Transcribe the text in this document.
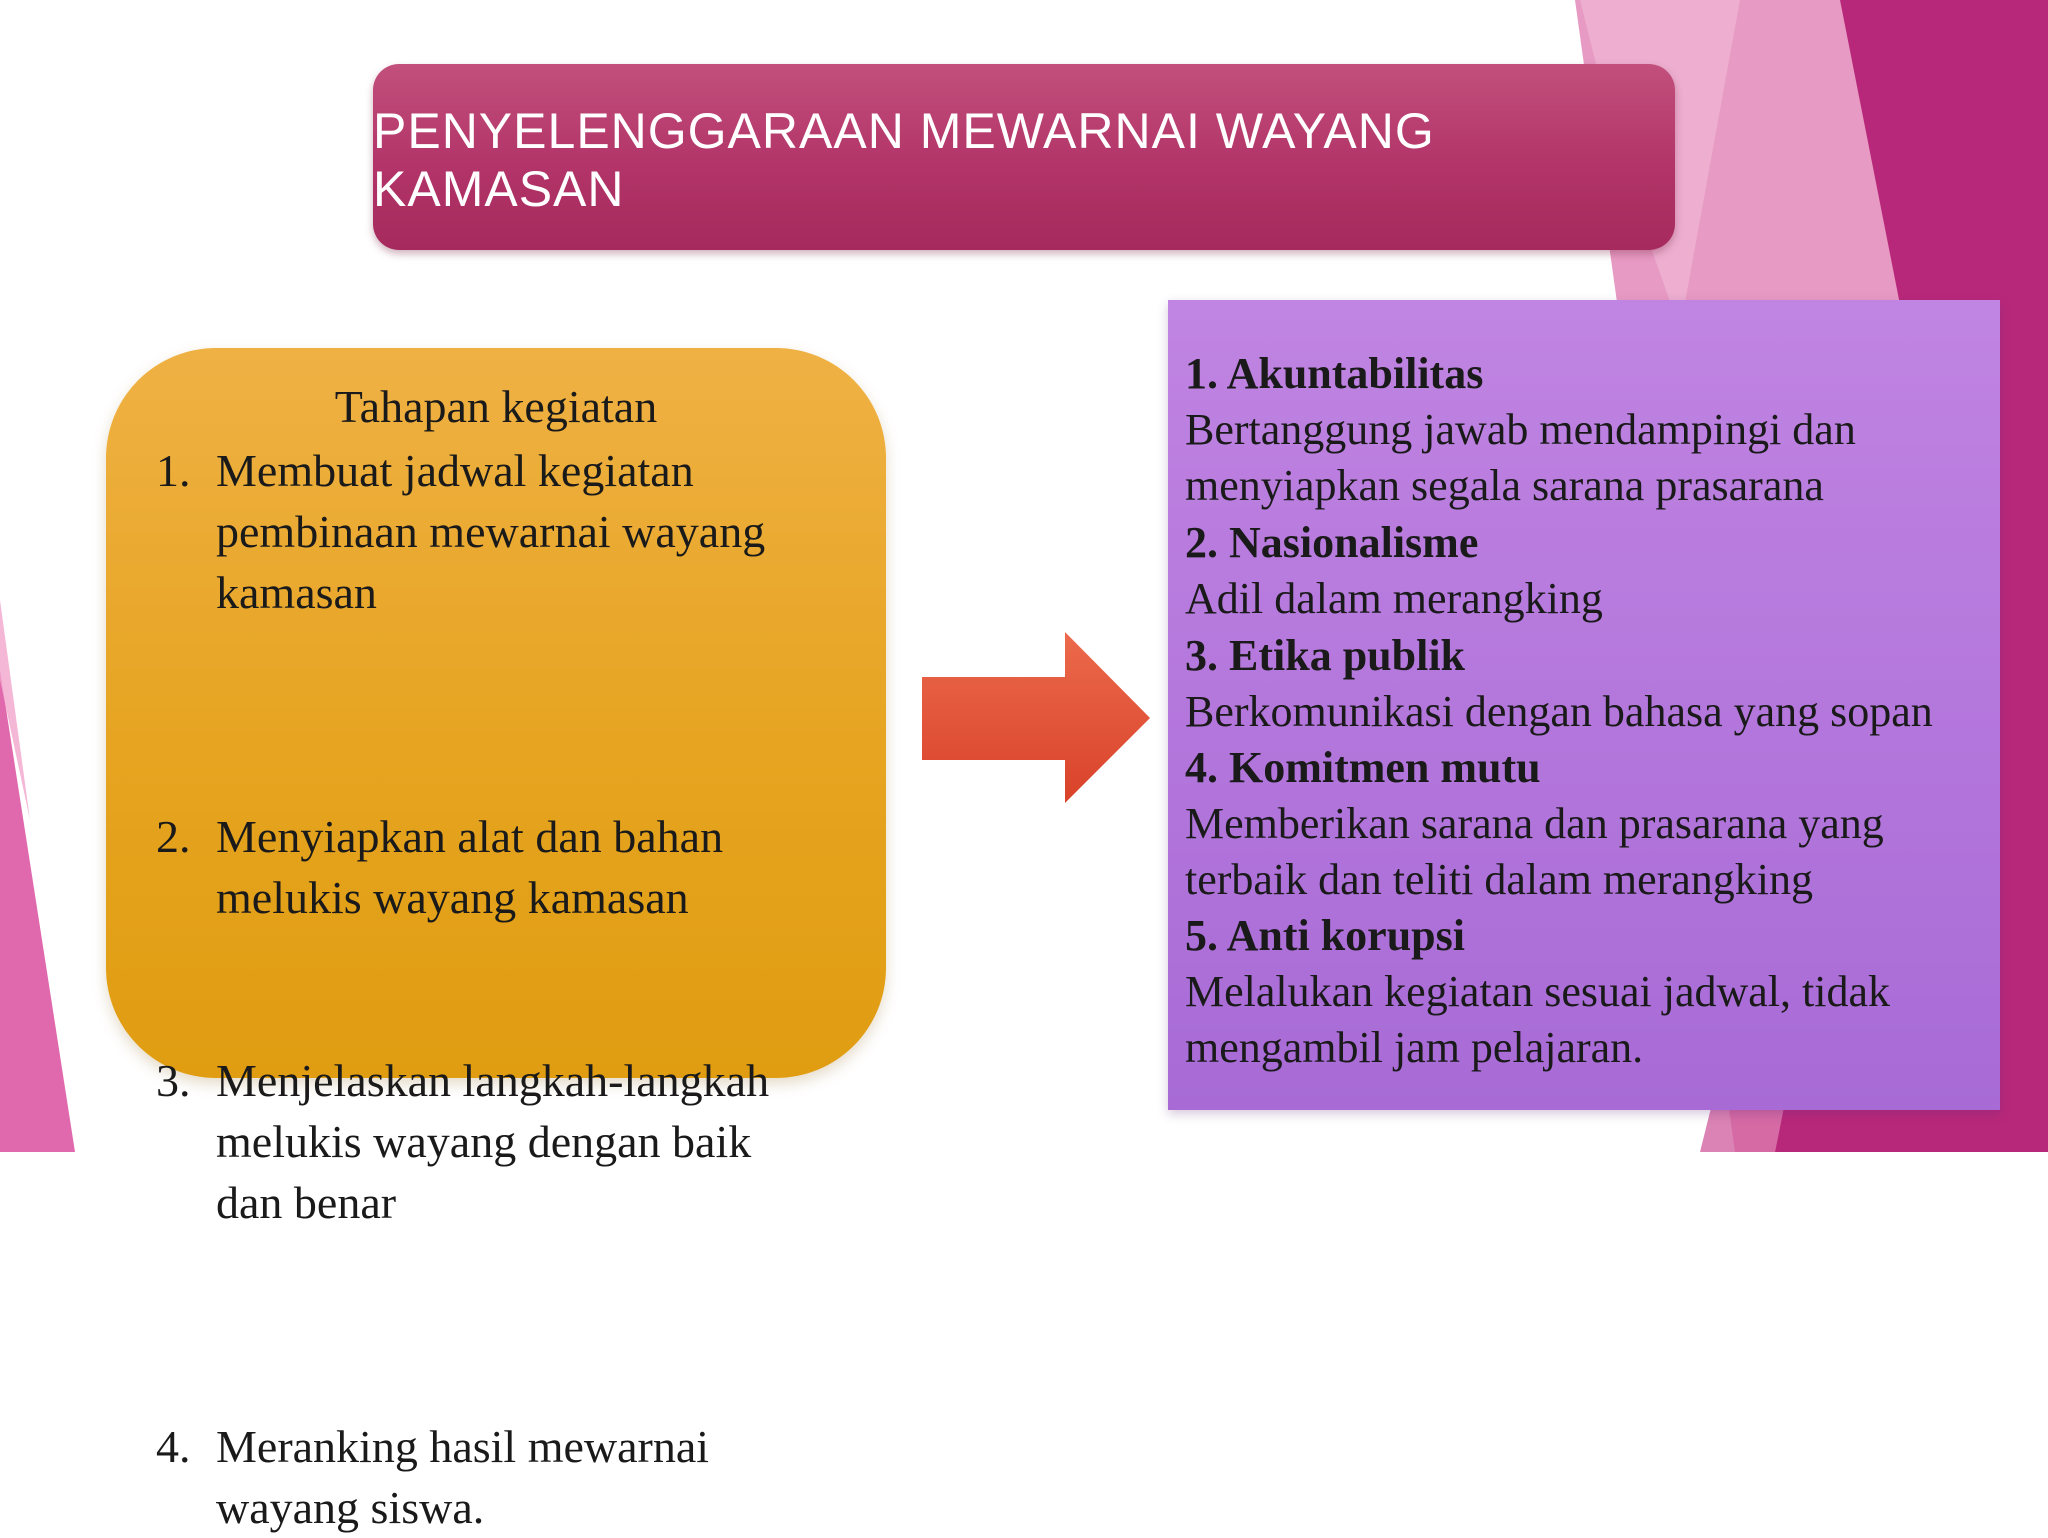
PENYELENGGARAAN MEWARNAI WAYANG KAMASAN
Tahapan kegiatan
1. Membuat jadwal kegiatan
pembinaan mewarnai wayang
kamasan
2. Menyiapkan alat dan bahan
melukis wayang kamasan
3. Menjelaskan langkah-langkah
melukis wayang dengan baik
dan benar
4. Meranking hasil mewarnai
wayang siswa.
1. Akuntabilitas
Bertanggung jawab mendampingi dan
menyiapkan segala sarana prasarana
2. Nasionalisme
Adil dalam merangking
3. Etika publik
Berkomunikasi dengan bahasa yang sopan
4. Komitmen mutu
Memberikan sarana dan prasarana yang
terbaik dan teliti dalam merangking
5. Anti korupsi
Melalukan kegiatan sesuai jadwal, tidak
mengambil jam pelajaran.
